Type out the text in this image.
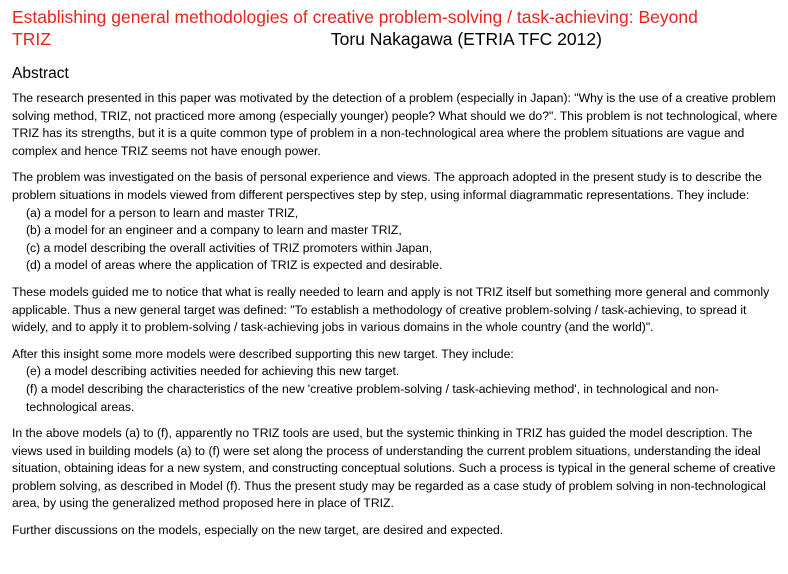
Establishing general methodologies of creative problem-solving / task-achieving: Beyond
TRIZ	Toru Nakagawa (ETRIA TFC 2012)
Abstract

The research presented in this paper was motivated by the detection of a problem (especially in Japan): "Why is the use of a creative problem solving method, TRIZ, not practiced more among (especially younger) people? What should we do?". This problem is not technological, where TRIZ has its strengths, but it is a quite common type of problem in a non-technological area where the problem situations are vague and complex and hence TRIZ seems not have enough power.

The problem was investigated on the basis of personal experience and views. The approach adopted in the present study is to describe the problem situations in models viewed from different perspectives step by step, using informal diagrammatic representations. They include:
(a) a model for a person to learn and master TRIZ,
(b) a model for an engineer and a company to learn and master TRIZ,
(c) a model describing the overall activities of TRIZ promoters within Japan,
(d) a model of areas where the application of TRIZ is expected and desirable.

These models guided me to notice that what is really needed to learn and apply is not TRIZ itself but something more general and commonly applicable. Thus a new general target was defined: "To establish a methodology of creative problem-solving / task-achieving, to spread it widely, and to apply it to problem-solving / task-achieving jobs in various domains in the whole country (and the world)".

After this insight some more models were described supporting this new target. They include:
(e) a model describing activities needed for achieving this new target.
(f) a model describing the characteristics of the new 'creative problem-solving / task-achieving method', in technological and non-technological areas.

In the above models (a) to (f), apparently no TRIZ tools are used, but the systemic thinking in TRIZ has guided the model description. The views used in building models (a) to (f) were set along the process of understanding the current problem situations, understanding the ideal situation, obtaining ideas for a new system, and constructing conceptual solutions. Such a process is typical in the general scheme of creative problem solving, as described in Model (f). Thus the present study may be regarded as a case study of problem solving in non-technological area, by using the generalized method proposed here in place of TRIZ.

Further discussions on the models, especially on the new target, are desired and expected.
